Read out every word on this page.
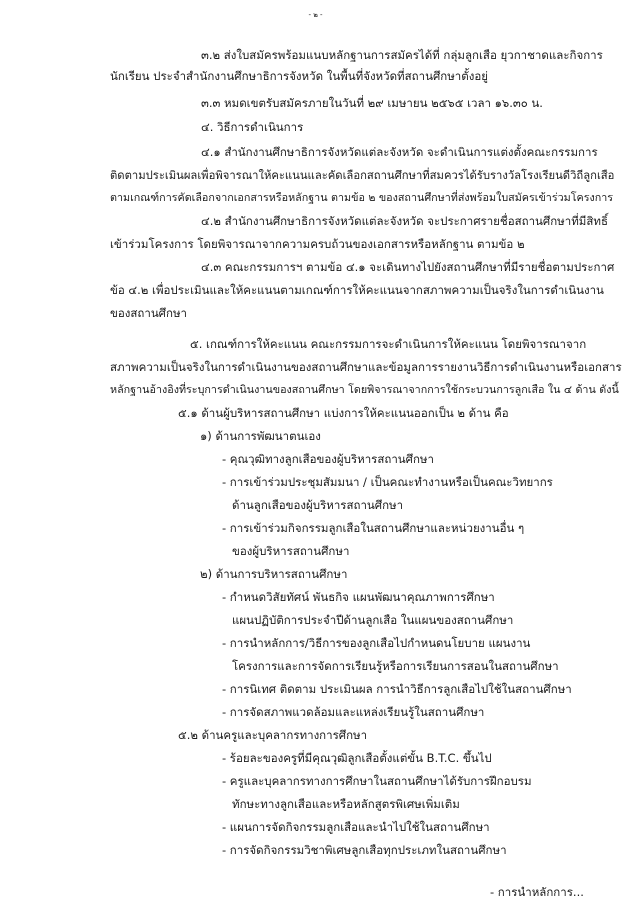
- ๒ -
๓.๒ ส่งใบสมัครพร้อมแนบหลักฐานการสมัครได้ที่ กลุ่มลูกเสือ ยุวกาชาดและกิจการ
นักเรียน ประจำสำนักงานศึกษาธิการจังหวัด ในพื้นที่จังหวัดที่สถานศึกษาตั้งอยู่
๓.๓ หมดเขตรับสมัครภายในวันที่ ๒๙ เมษายน ๒๕๖๕ เวลา ๑๖.๓๐ น.
๔. วิธีการดำเนินการ
๔.๑ สำนักงานศึกษาธิการจังหวัดแต่ละจังหวัด จะดำเนินการแต่งตั้งคณะกรรมการ
ติดตามประเมินผลเพื่อพิจารณาให้คะแนนและคัดเลือกสถานศึกษาที่สมควรได้รับรางวัลโรงเรียนดีวิถีลูกเสือ
ตามเกณฑ์การคัดเลือกจากเอกสารหรือหลักฐาน ตามข้อ ๒ ของสถานศึกษาที่ส่งพร้อมใบสมัครเข้าร่วมโครงการ
๔.๒ สำนักงานศึกษาธิการจังหวัดแต่ละจังหวัด จะประกาศรายชื่อสถานศึกษาที่มีสิทธิ์
เข้าร่วมโครงการ โดยพิจารณาจากความครบถ้วนของเอกสารหรือหลักฐาน ตามข้อ ๒
๔.๓ คณะกรรมการฯ ตามข้อ ๔.๑ จะเดินทางไปยังสถานศึกษาที่มีรายชื่อตามประกาศ
ข้อ ๔.๒ เพื่อประเมินและให้คะแนนตามเกณฑ์การให้คะแนนจากสภาพความเป็นจริงในการดำเนินงาน
ของสถานศึกษา
๕. เกณฑ์การให้คะแนน คณะกรรมการจะดำเนินการให้คะแนน โดยพิจารณาจาก
สภาพความเป็นจริงในการดำเนินงานของสถานศึกษาและข้อมูลการรายงานวิธีการดำเนินงานหรือเอกสาร
หลักฐานอ้างอิงที่ระบุการดำเนินงานของสถานศึกษา โดยพิจารณาจากการใช้กระบวนการลูกเสือ ใน ๔ ด้าน ดังนี้
๕.๑ ด้านผู้บริหารสถานศึกษา แบ่งการให้คะแนนออกเป็น ๒ ด้าน คือ
๑) ด้านการพัฒนาตนเอง
- คุณวุฒิทางลูกเสือของผู้บริหารสถานศึกษา
- การเข้าร่วมประชุมสัมมนา / เป็นคณะทำงานหรือเป็นคณะวิทยากร
ด้านลูกเสือของผู้บริหารสถานศึกษา
- การเข้าร่วมกิจกรรมลูกเสือในสถานศึกษาและหน่วยงานอื่น ๆ
ของผู้บริหารสถานศึกษา
๒) ด้านการบริหารสถานศึกษา
- กำหนดวิสัยทัศน์ พันธกิจ แผนพัฒนาคุณภาพการศึกษา
แผนปฏิบัติการประจำปีด้านลูกเสือ ในแผนของสถานศึกษา
- การนำหลักการ/วิธีการของลูกเสือไปกำหนดนโยบาย แผนงาน
โครงการและการจัดการเรียนรู้หรือการเรียนการสอนในสถานศึกษา
- การนิเทศ ติดตาม ประเมินผล การนำวิธีการลูกเสือไปใช้ในสถานศึกษา
- การจัดสภาพแวดล้อมและแหล่งเรียนรู้ในสถานศึกษา
๕.๒ ด้านครูและบุคลากรทางการศึกษา
- ร้อยละของครูที่มีคุณวุฒิลูกเสือตั้งแต่ขั้น B.T.C. ขึ้นไป
- ครูและบุคลากรทางการศึกษาในสถานศึกษาได้รับการฝึกอบรม
ทักษะทางลูกเสือและหรือหลักสูตรพิเศษเพิ่มเติม
- แผนการจัดกิจกรรมลูกเสือและนำไปใช้ในสถานศึกษา
- การจัดกิจกรรมวิชาพิเศษลูกเสือทุกประเภทในสถานศึกษา
- การนำหลักการ...
